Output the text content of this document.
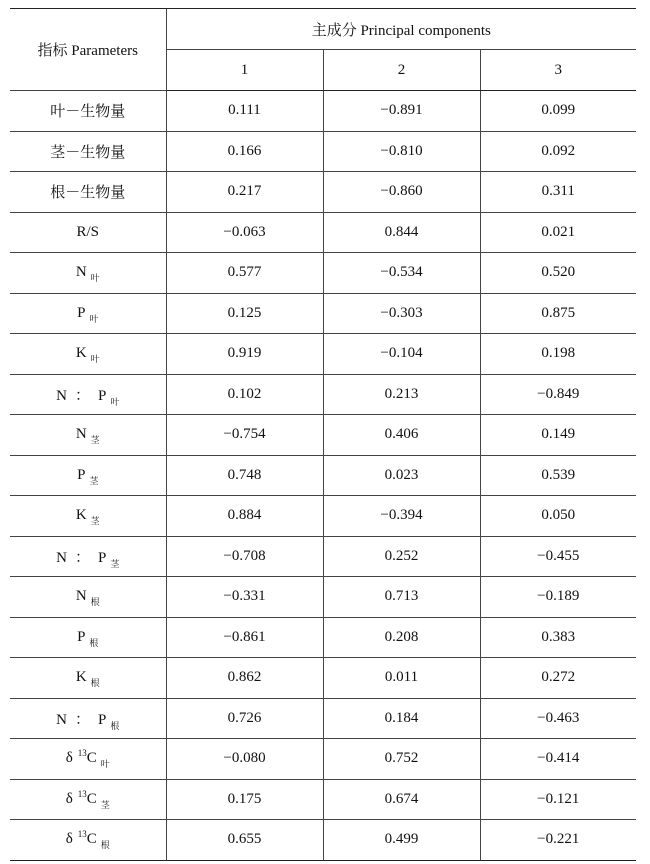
指标 Parameters	主成分 Principal components		
	1	2	3
叶－生物量	0.111	−0.891	0.099
茎－生物量	0.166	−0.810	0.092
根－生物量	0.217	−0.860	0.311
R/S	−0.063	0.844	0.021
N $_叶$	0.577	−0.534	0.520
P $_叶$	0.125	−0.303	0.875
K $_叶$	0.919	−0.104	0.198
N ： P $_叶$	0.102	0.213	−0.849
N $_茎$	−0.754	0.406	0.149
P $_茎$	0.748	0.023	0.539
K $_茎$	0.884	−0.394	0.050
N ： P $_茎$	−0.708	0.252	−0.455
N $_根$	−0.331	0.713	−0.189
P $_根$	−0.861	0.208	0.383
K $_根$	0.862	0.011	0.272
N ： P $_根$	0.726	0.184	−0.463
δ $^{13}$C $_叶$	−0.080	0.752	−0.414
δ $^{13}$C $_茎$	0.175	0.674	−0.121
δ $^{13}$C $_根$	0.655	0.499	−0.221
